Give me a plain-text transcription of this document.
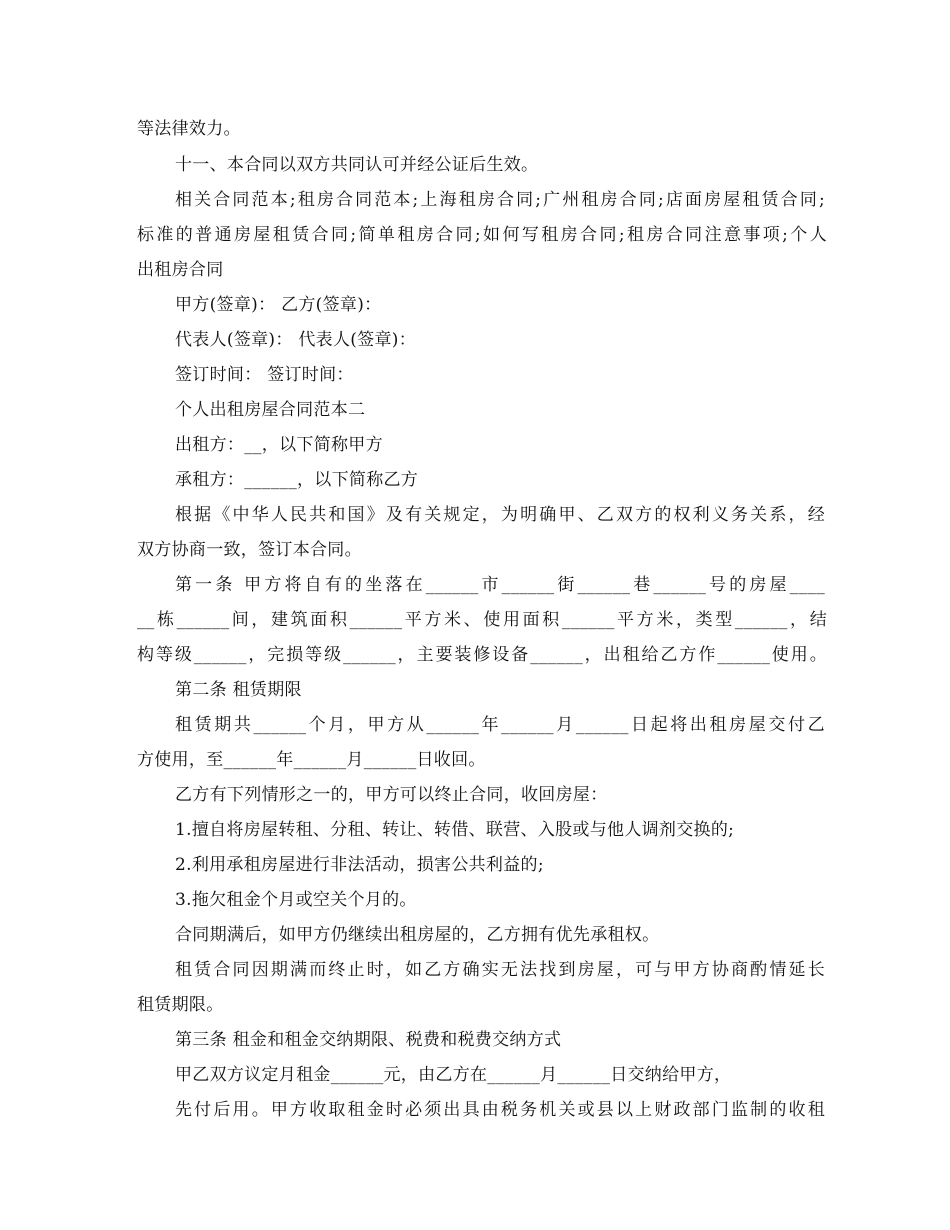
等法律效力。
十一、本合同以双方共同认可并经公证后生效。
相关合同范本;租房合同范本;上海租房合同;广州租房合同;店面房屋租赁合同;
标准的普通房屋租赁合同;简单租房合同;如何写租房合同;租房合同注意事项;个人
出租房合同
甲方(签章)： 乙方(签章)：
代表人(签章)： 代表人(签章)：
签订时间： 签订时间：
个人出租房屋合同范本二
出租方：__，以下简称甲方
承租方：______，以下简称乙方
根据《中华人民共和国》及有关规定，为明确甲、乙双方的权利义务关系，经
双方协商一致，签订本合同。
第一条 甲方将自有的坐落在______市______街______巷______号的房屋____
__栋______间，建筑面积______平方米、使用面积______平方米，类型______，结
构等级______，完损等级______，主要装修设备______，出租给乙方作______使用。
第二条 租赁期限
租赁期共______个月，甲方从______年______月______日起将出租房屋交付乙
方使用，至______年______月______日收回。
乙方有下列情形之一的，甲方可以终止合同，收回房屋：
1.擅自将房屋转租、分租、转让、转借、联营、入股或与他人调剂交换的;
2.利用承租房屋进行非法活动，损害公共利益的;
3.拖欠租金个月或空关个月的。
合同期满后，如甲方仍继续出租房屋的，乙方拥有优先承租权。
租赁合同因期满而终止时，如乙方确实无法找到房屋，可与甲方协商酌情延长
租赁期限。
第三条 租金和租金交纳期限、税费和税费交纳方式
甲乙双方议定月租金______元，由乙方在______月______日交纳给甲方，
先付后用。甲方收取租金时必须出具由税务机关或县以上财政部门监制的收租
